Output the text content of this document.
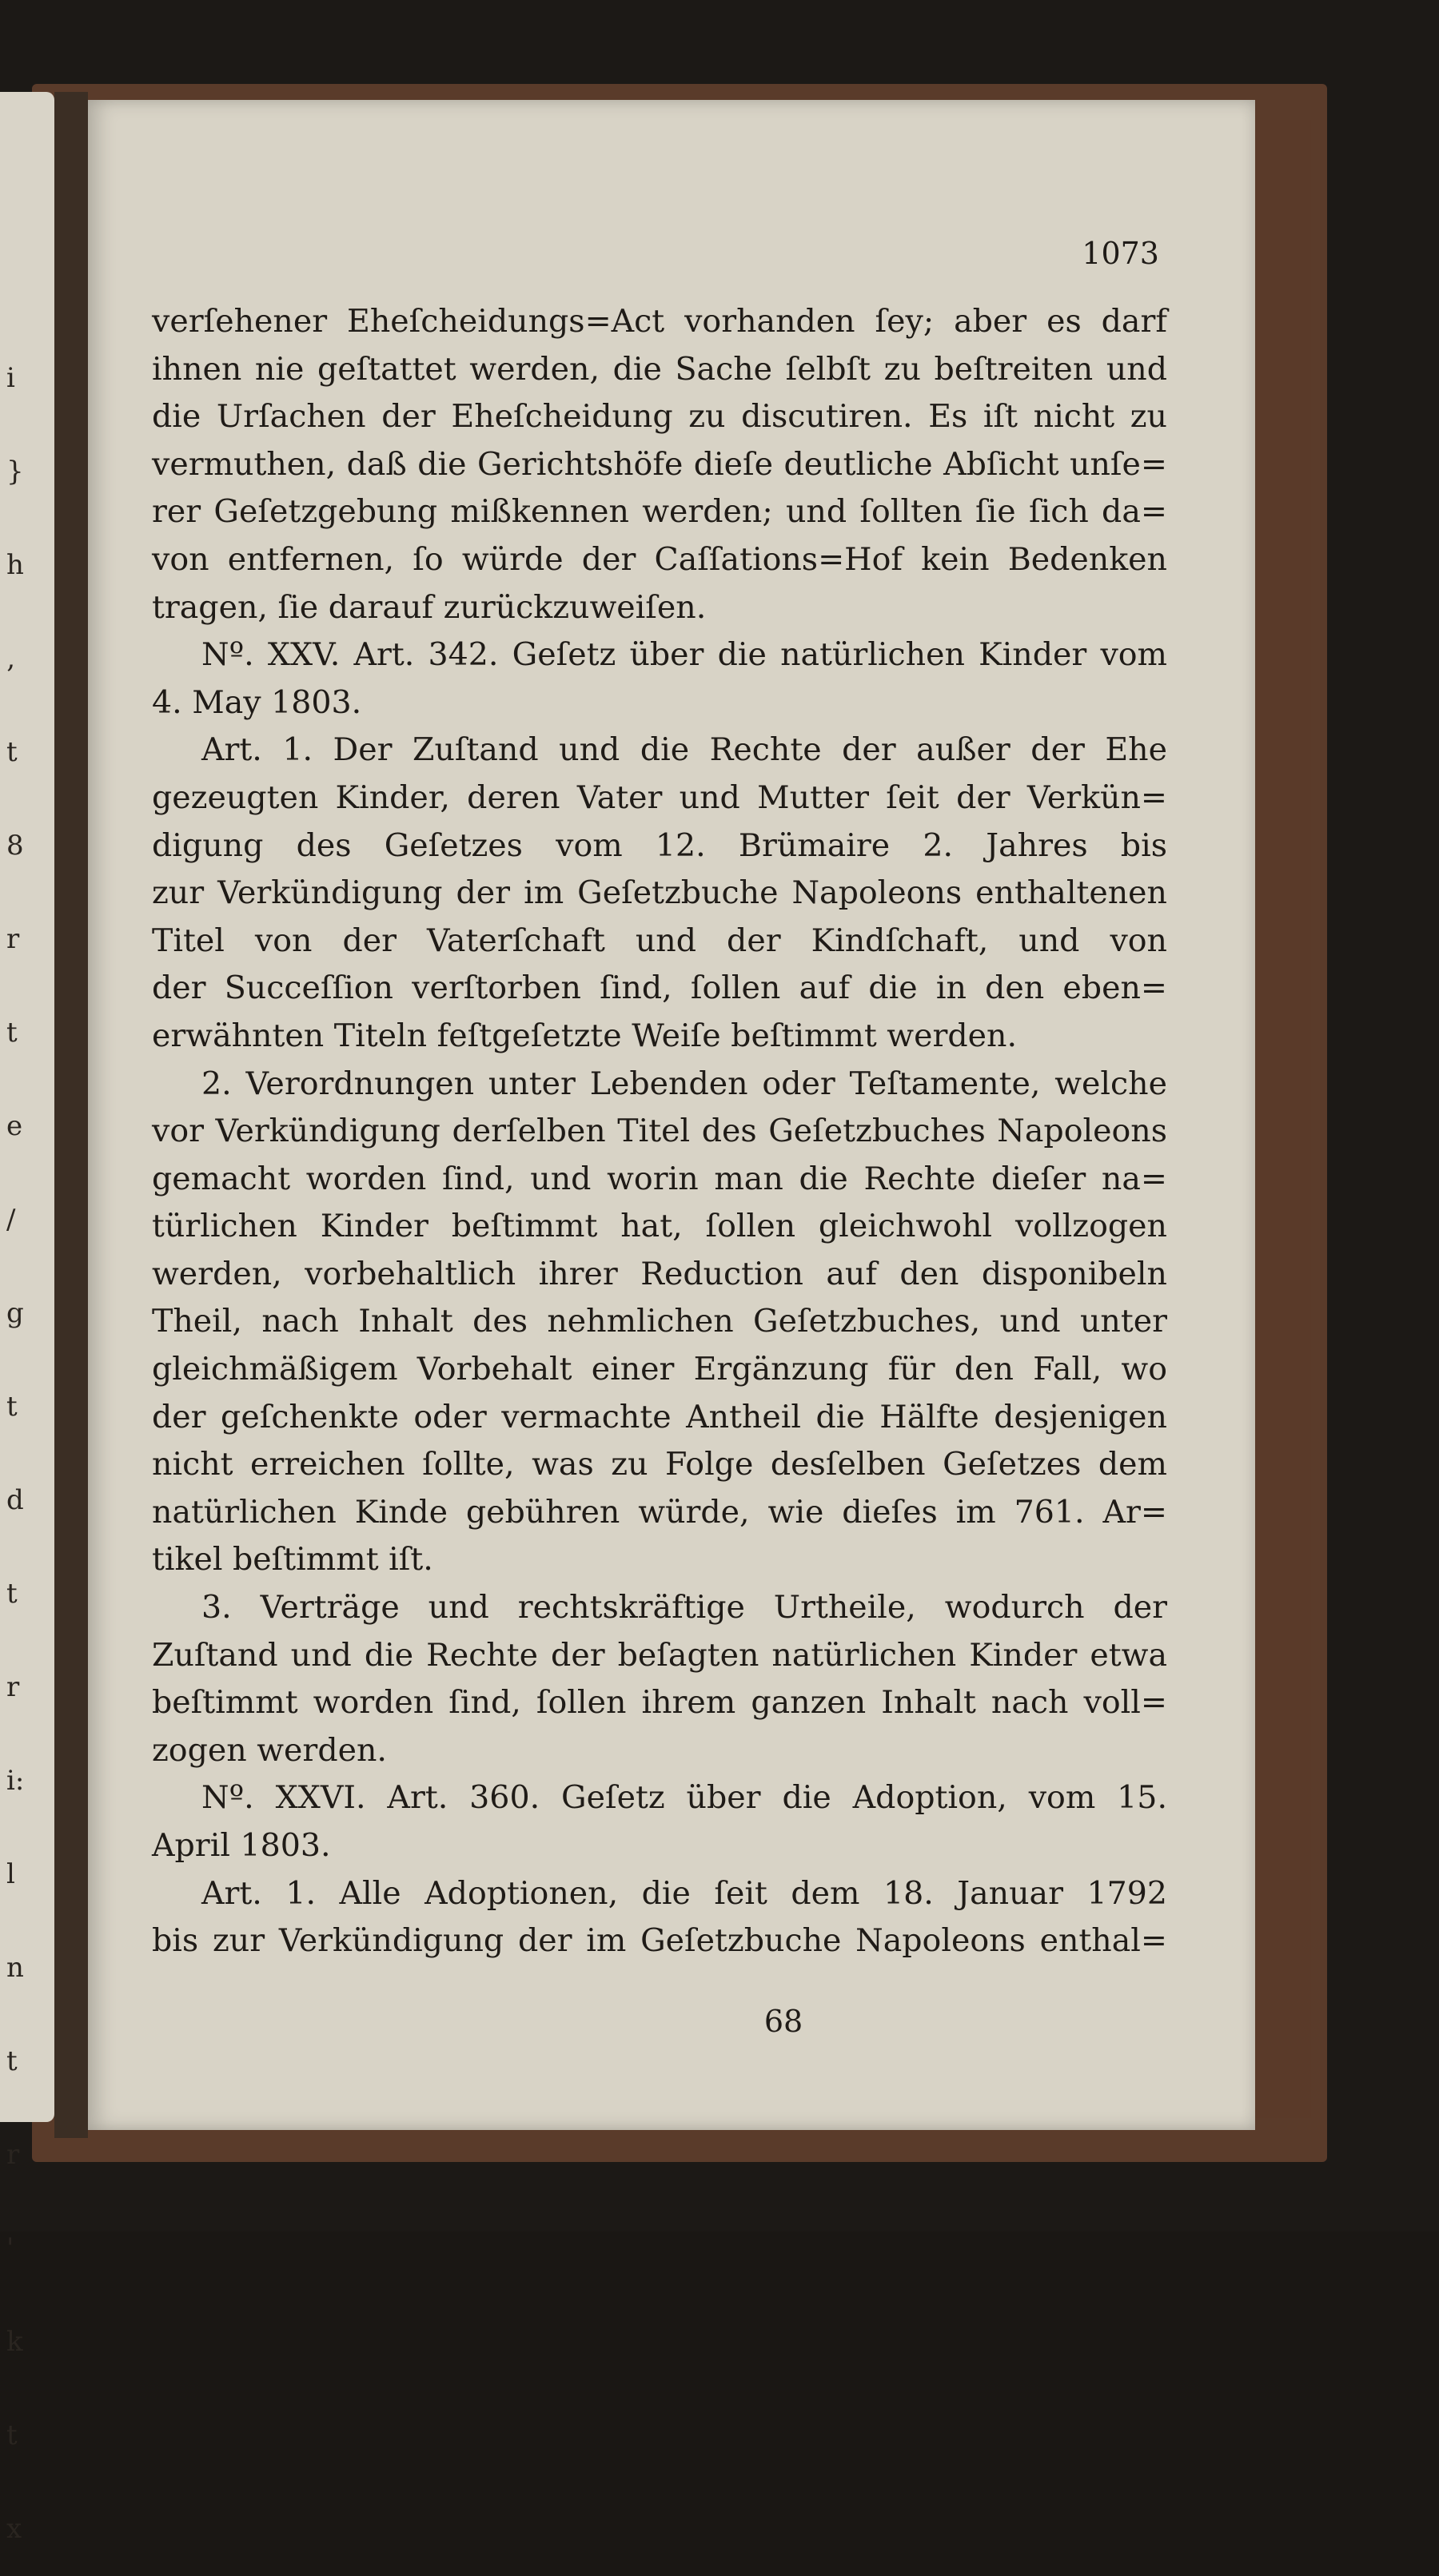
i
}
h
‚
t
8
r
t
e
/
g
t
d
t
r
i:
l
n
t
r
'
k
t
x
1073

verſehener Eheſcheidungs=Act vorhanden ſey; aber es darf
ihnen nie geſtattet werden, die Sache ſelbſt zu beſtreiten und
die Urſachen der Eheſcheidung zu discutiren. Es iſt nicht zu
vermuthen, daß die Gerichtshöfe dieſe deutliche Abſicht unſe=
rer Geſetzgebung mißkennen werden; und ſollten ſie ſich da=
von entfernen, ſo würde der Caſſations=Hof kein Bedenken
tragen, ſie darauf zurückzuweiſen.

Nº. XXV. Art. 342. Geſetz über die natürlichen Kinder vom
4. May 1803.

Art. 1. Der Zuſtand und die Rechte der außer der Ehe
gezeugten Kinder, deren Vater und Mutter ſeit der Verkün=
digung des Geſetzes vom 12. Brümaire 2. Jahres bis
zur Verkündigung der im Geſetzbuche Napoleons enthaltenen
Titel von der Vaterſchaft und der Kindſchaft, und von
der Succeſſion verſtorben ſind, ſollen auf die in den eben=
erwähnten Titeln feſtgeſetzte Weiſe beſtimmt werden.

2. Verordnungen unter Lebenden oder Teſtamente, welche
vor Verkündigung derſelben Titel des Geſetzbuches Napoleons
gemacht worden ſind, und worin man die Rechte dieſer na=
türlichen Kinder beſtimmt hat, ſollen gleichwohl vollzogen
werden, vorbehaltlich ihrer Reduction auf den disponibeln
Theil, nach Inhalt des nehmlichen Geſetzbuches, und unter
gleichmäßigem Vorbehalt einer Ergänzung für den Fall, wo
der geſchenkte oder vermachte Antheil die Hälfte desjenigen
nicht erreichen ſollte, was zu Folge desſelben Geſetzes dem
natürlichen Kinde gebühren würde, wie dieſes im 761. Ar=
tikel beſtimmt iſt.

3. Verträge und rechtskräftige Urtheile, wodurch der
Zuſtand und die Rechte der beſagten natürlichen Kinder etwa
beſtimmt worden ſind, ſollen ihrem ganzen Inhalt nach voll=
zogen werden.

Nº. XXVI. Art. 360. Geſetz über die Adoption, vom 15.
April 1803.

Art. 1. Alle Adoptionen, die ſeit dem 18. Januar 1792
bis zur Verkündigung der im Geſetzbuche Napoleons enthal=

68
